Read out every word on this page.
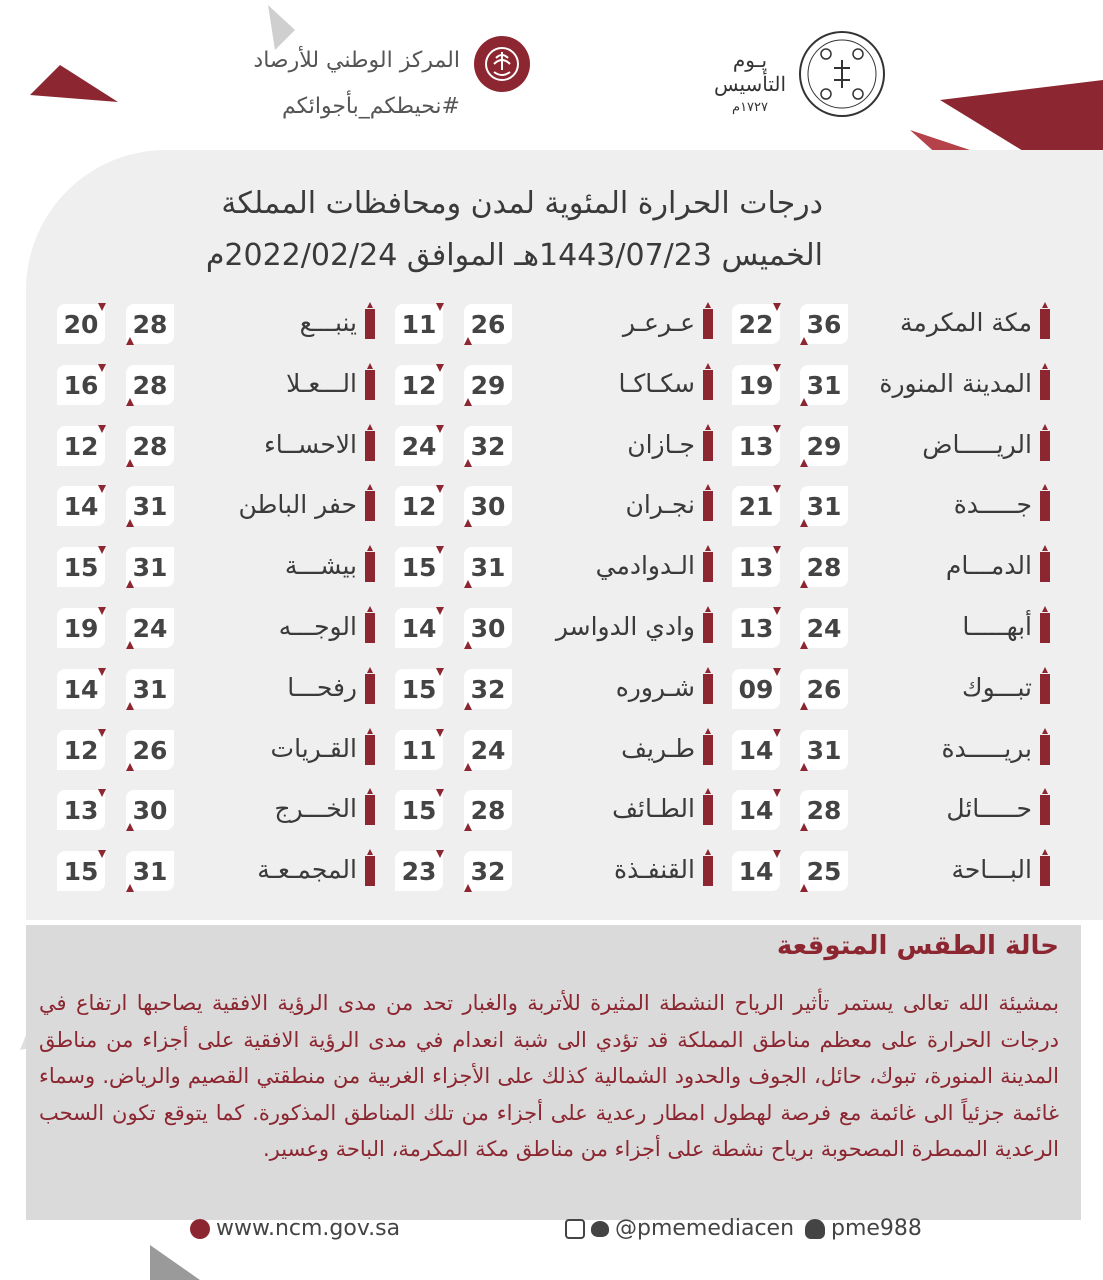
المركز الوطني للأرصاد
#نحيطكم_بأجوائكم
يـوم
التأسيس
١٧٢٧م
درجات الحرارة المئوية لمدن ومحافظات المملكة
الخميس 1443/07/23هـ الموافق 2022/02/24م
مكة المكرمة
36
22
المدينة المنورة
31
19
الريـــــاض
29
13
جـــــدة
31
21
الدمـــام
28
13
أبهـــــا
24
13
تبـــوك
26
09
بريـــــدة
31
14
حـــــائل
28
14
البـــاحة
25
14
عـرعـر
26
11
سكـاكـا
29
12
جـازان
32
24
نجـران
30
12
الـدوادمي
31
15
وادي الدواسر
30
14
شـروره
32
15
طـريف
24
11
الطـائف
28
15
القنفـذة
32
23
ينبـــع
28
20
الـــعـلا
28
16
الاحســاء
28
12
حفر الباطن
31
14
بيشـــة
31
15
الوجـــه
24
19
رفحـــا
31
14
القـريات
26
12
الخـــرج
30
13
المجمـعـة
31
15
حالة الطقس المتوقعة
بمشيئة الله تعالى يستمر تأثير الرياح النشطة المثيرة للأتربة والغبار تحد من مدى الرؤية الافقية يصاحبها ارتفاع في درجات الحرارة على معظم مناطق المملكة قد تؤدي الى شبة انعدام في مدى الرؤية الافقية على أجزاء من مناطق المدينة المنورة، تبوك، حائل، الجوف والحدود الشمالية كذلك على الأجزاء الغربية من منطقتي القصيم والرياض. وسماء غائمة جزئياً الى غائمة مع فرصة لهطول امطار رعدية على أجزاء من تلك المناطق المذكورة. كما يتوقع تكون السحب الرعدية الممطرة المصحوبة برياح نشطة على أجزاء من مناطق مكة المكرمة، الباحة وعسير.
www.ncm.gov.sa	@pmemediacen pme988
